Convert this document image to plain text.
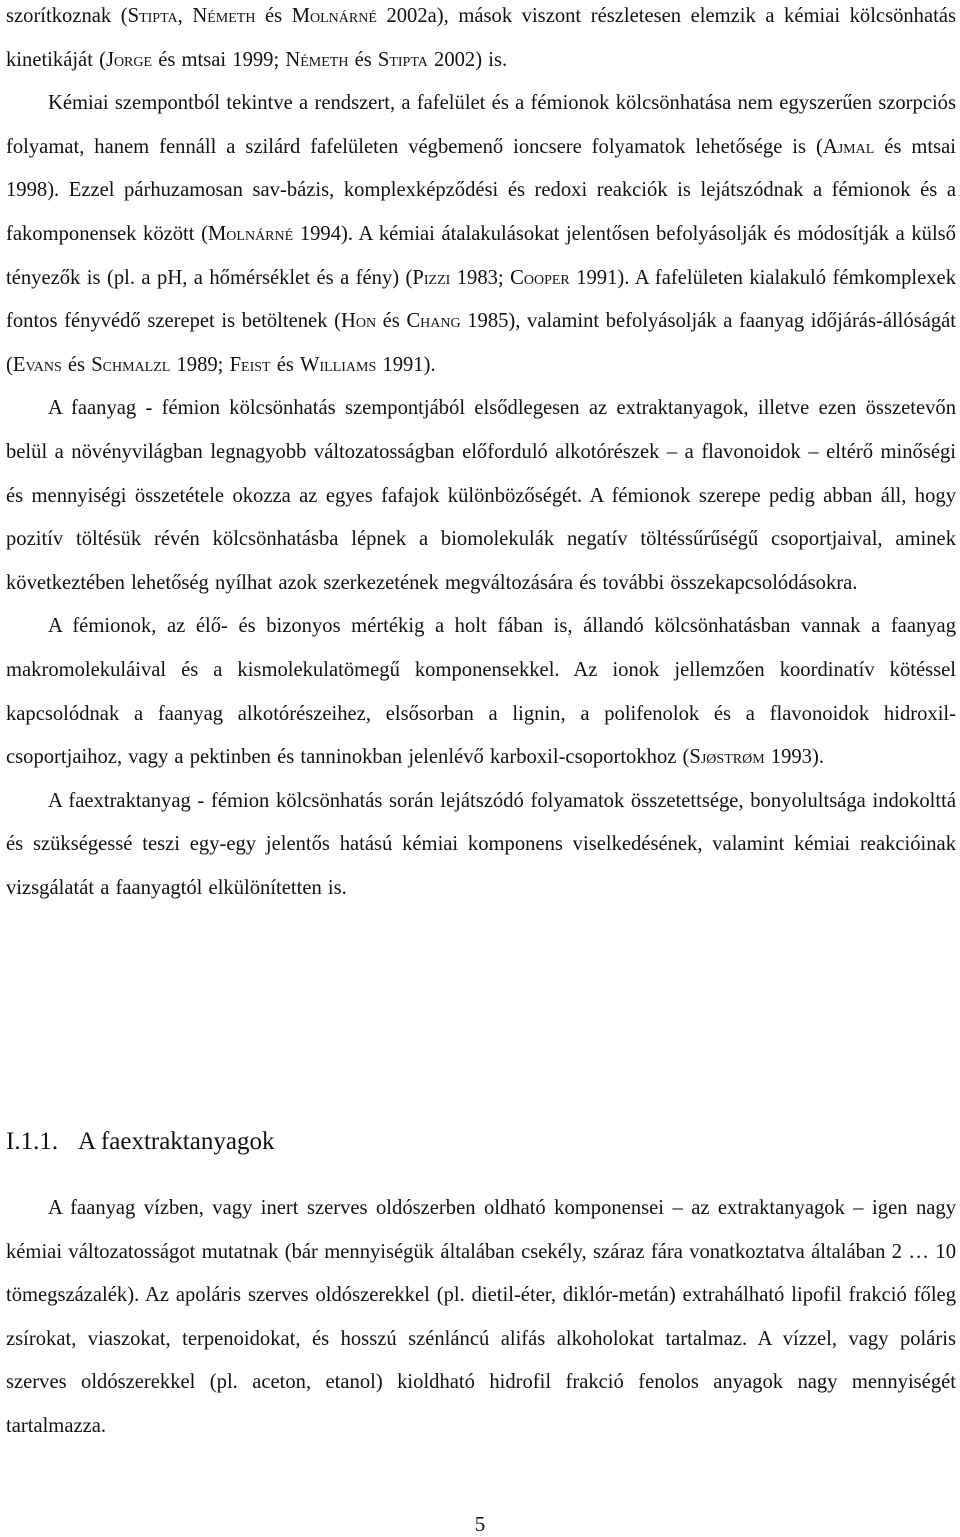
szorítkoznak (Stipta, Németh és Molnárné 2002a), mások viszont részletesen elemzik a kémiai kölcsönhatás kinetikáját (Jorge és mtsai 1999; Németh és Stipta 2002) is.

Kémiai szempontból tekintve a rendszert, a fafelület és a fémionok kölcsönhatása nem egyszerűen szorpciós folyamat, hanem fennáll a szilárd fafelületen végbemenő ioncsere folyamatok lehetősége is (Ajmal és mtsai 1998). Ezzel párhuzamosan sav-bázis, komplexképződési és redoxi reakciók is lejátszódnak a fémionok és a fakomponensek között (Molnárné 1994). A kémiai átalakulásokat jelentősen befolyásolják és módosítják a külső tényezők is (pl. a pH, a hőmérséklet és a fény) (Pizzi 1983; Cooper 1991). A fafelületen kialakuló fémkomplexek fontos fényvédő szerepet is betöltenek (Hon és Chang 1985), valamint befolyásolják a faanyag időjárás-állóságát (Evans és Schmalzl 1989; Feist és Williams 1991).

A faanyag - fémion kölcsönhatás szempontjából elsődlegesen az extraktanyagok, illetve ezen összetevőn belül a növényvilágban legnagyobb változatosságban előforduló alkotórészek – a flavonoidok – eltérő minőségi és mennyiségi összetétele okozza az egyes fafajok különbözőségét. A fémionok szerepe pedig abban áll, hogy pozitív töltésük révén kölcsönhatásba lépnek a biomolekulák negatív töltéssűrűségű csoportjaival, aminek következtében lehetőség nyílhat azok szerkezetének megváltozására és további összekapcsolódásokra.

A fémionok, az élő- és bizonyos mértékig a holt fában is, állandó kölcsönhatásban vannak a faanyag makromolekuláival és a kismolekulatömegű komponensekkel. Az ionok jellemzően koordinatív kötéssel kapcsolódnak a faanyag alkotórészeihez, elsősorban a lignin, a polifenolok és a flavonoidok hidroxil-csoportjaihoz, vagy a pektinben és tanninokban jelenlévő karboxil-csoportokhoz (Sjøstrøm 1993).

A faextraktanyag - fémion kölcsönhatás során lejátszódó folyamatok összetettsége, bonyolultsága indokolttá és szükségessé teszi egy-egy jelentős hatású kémiai komponens viselkedésének, valamint kémiai reakcióinak vizsgálatát a faanyagtól elkülönítetten is.

I.1.1. A faextraktanyagok

A faanyag vízben, vagy inert szerves oldószerben oldható komponensei – az extraktanyagok – igen nagy kémiai változatosságot mutatnak (bár mennyiségük általában csekély, száraz fára vonatkoztatva általában 2 … 10 tömegszázalék). Az apoláris szerves oldószerekkel (pl. dietil-éter, diklór-metán) extrahálható lipofil frakció főleg zsírokat, viaszokat, terpenoidokat, és hosszú szénláncú alifás alkoholokat tartalmaz. A vízzel, vagy poláris szerves oldószerekkel (pl. aceton, etanol) kioldható hidrofil frakció fenolos anyagok nagy mennyiségét tartalmazza.

5
